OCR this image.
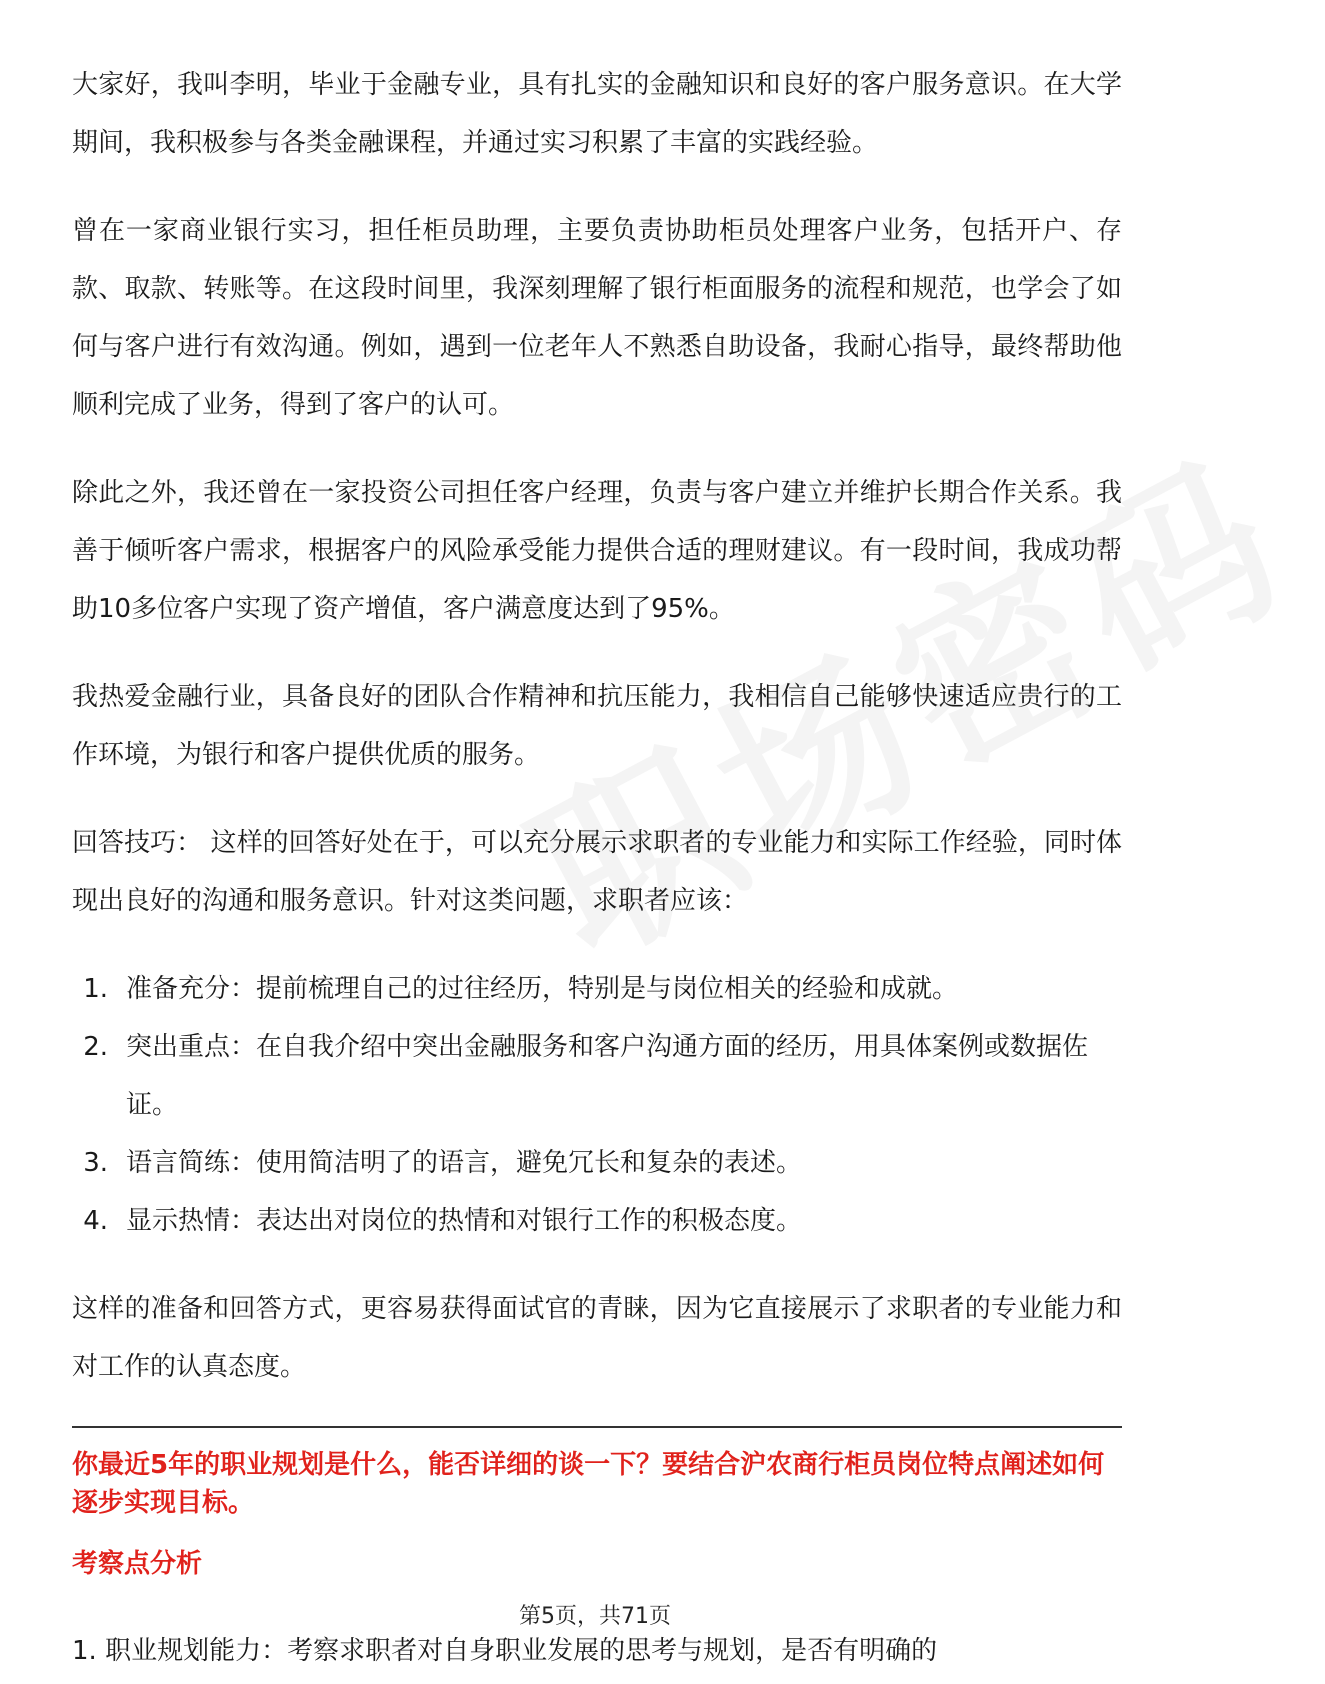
大家好，我叫李明，毕业于金融专业，具有扎实的金融知识和良好的客户服务意识。在大学期间，我积极参与各类金融课程，并通过实习积累了丰富的实践经验。

曾在一家商业银行实习，担任柜员助理，主要负责协助柜员处理客户业务，包括开户、存款、取款、转账等。在这段时间里，我深刻理解了银行柜面服务的流程和规范，也学会了如何与客户进行有效沟通。例如，遇到一位老年人不熟悉自助设备，我耐心指导，最终帮助他顺利完成了业务，得到了客户的认可。

除此之外，我还曾在一家投资公司担任客户经理，负责与客户建立并维护长期合作关系。我善于倾听客户需求，根据客户的风险承受能力提供合适的理财建议。有一段时间，我成功帮助10多位客户实现了资产增值，客户满意度达到了95%。

我热爱金融行业，具备良好的团队合作精神和抗压能力，我相信自己能够快速适应贵行的工作环境，为银行和客户提供优质的服务。

回答技巧： 这样的回答好处在于，可以充分展示求职者的专业能力和实际工作经验，同时体现出良好的沟通和服务意识。针对这类问题，求职者应该：

1. 准备充分：提前梳理自己的过往经历，特别是与岗位相关的经验和成就。
2. 突出重点：在自我介绍中突出金融服务和客户沟通方面的经历，用具体案例或数据佐证。
3. 语言简练：使用简洁明了的语言，避免冗长和复杂的表述。
4. 显示热情：表达出对岗位的热情和对银行工作的积极态度。

这样的准备和回答方式，更容易获得面试官的青睐，因为它直接展示了求职者的专业能力和对工作的认真态度。

你最近5年的职业规划是什么，能否详细的谈一下？要结合沪农商行柜员岗位特点阐述如何逐步实现目标。
考察点分析
1. 职业规划能力：考察求职者对自身职业发展的思考与规划，是否有明确的
第5页，共71页
